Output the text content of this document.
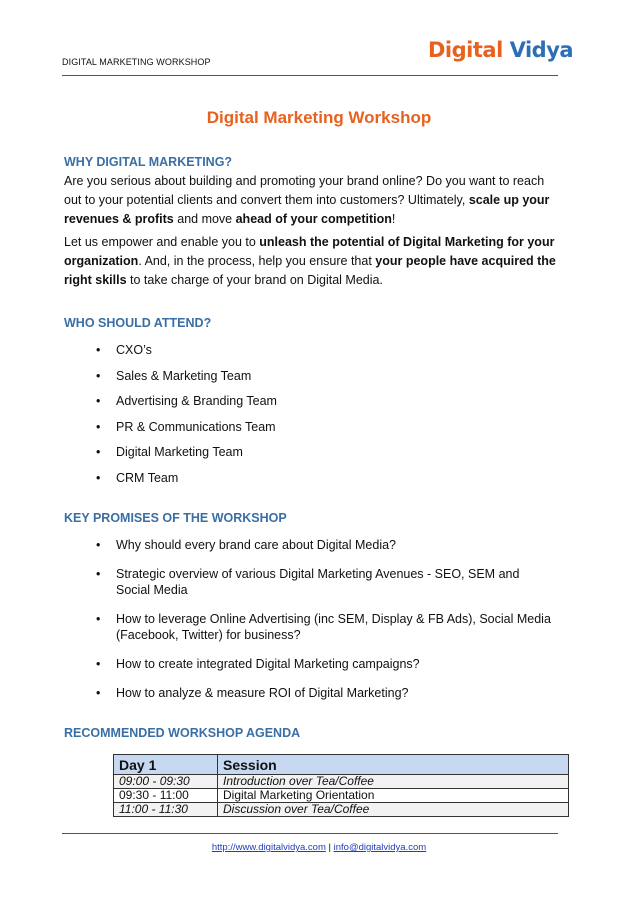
DIGITAL MARKETING WORKSHOP	Digital Vidya
Digital Marketing Workshop
WHY DIGITAL MARKETING?

Are you serious about building and promoting your brand online? Do you want to reach out to your potential clients and convert them into customers? Ultimately, scale up your revenues & profits and move ahead of your competition!

Let us empower and enable you to unleash the potential of Digital Marketing for your organization. And, in the process, help you ensure that your people have acquired the right skills to take charge of your brand on Digital Media.

WHO SHOULD ATTEND?
• CXO’s
• Sales & Marketing Team
• Advertising & Branding Team
• PR & Communications Team
• Digital Marketing Team
• CRM Team
KEY PROMISES OF THE WORKSHOP
• Why should every brand care about Digital Media?
• Strategic overview of various Digital Marketing Avenues - SEO, SEM and Social Media
• How to leverage Online Advertising (inc SEM, Display & FB Ads), Social Media (Facebook, Twitter) for business?
• How to create integrated Digital Marketing campaigns?
• How to analyze & measure ROI of Digital Marketing?
RECOMMENDED WORKSHOP AGENDA
Day 1	Session
09:00 - 09:30	Introduction over Tea/Coffee
09:30 - 11:00	Digital Marketing Orientation
11:00 - 11:30	Discussion over Tea/Coffee
http://www.digitalvidya.com | info@digitalvidya.com
